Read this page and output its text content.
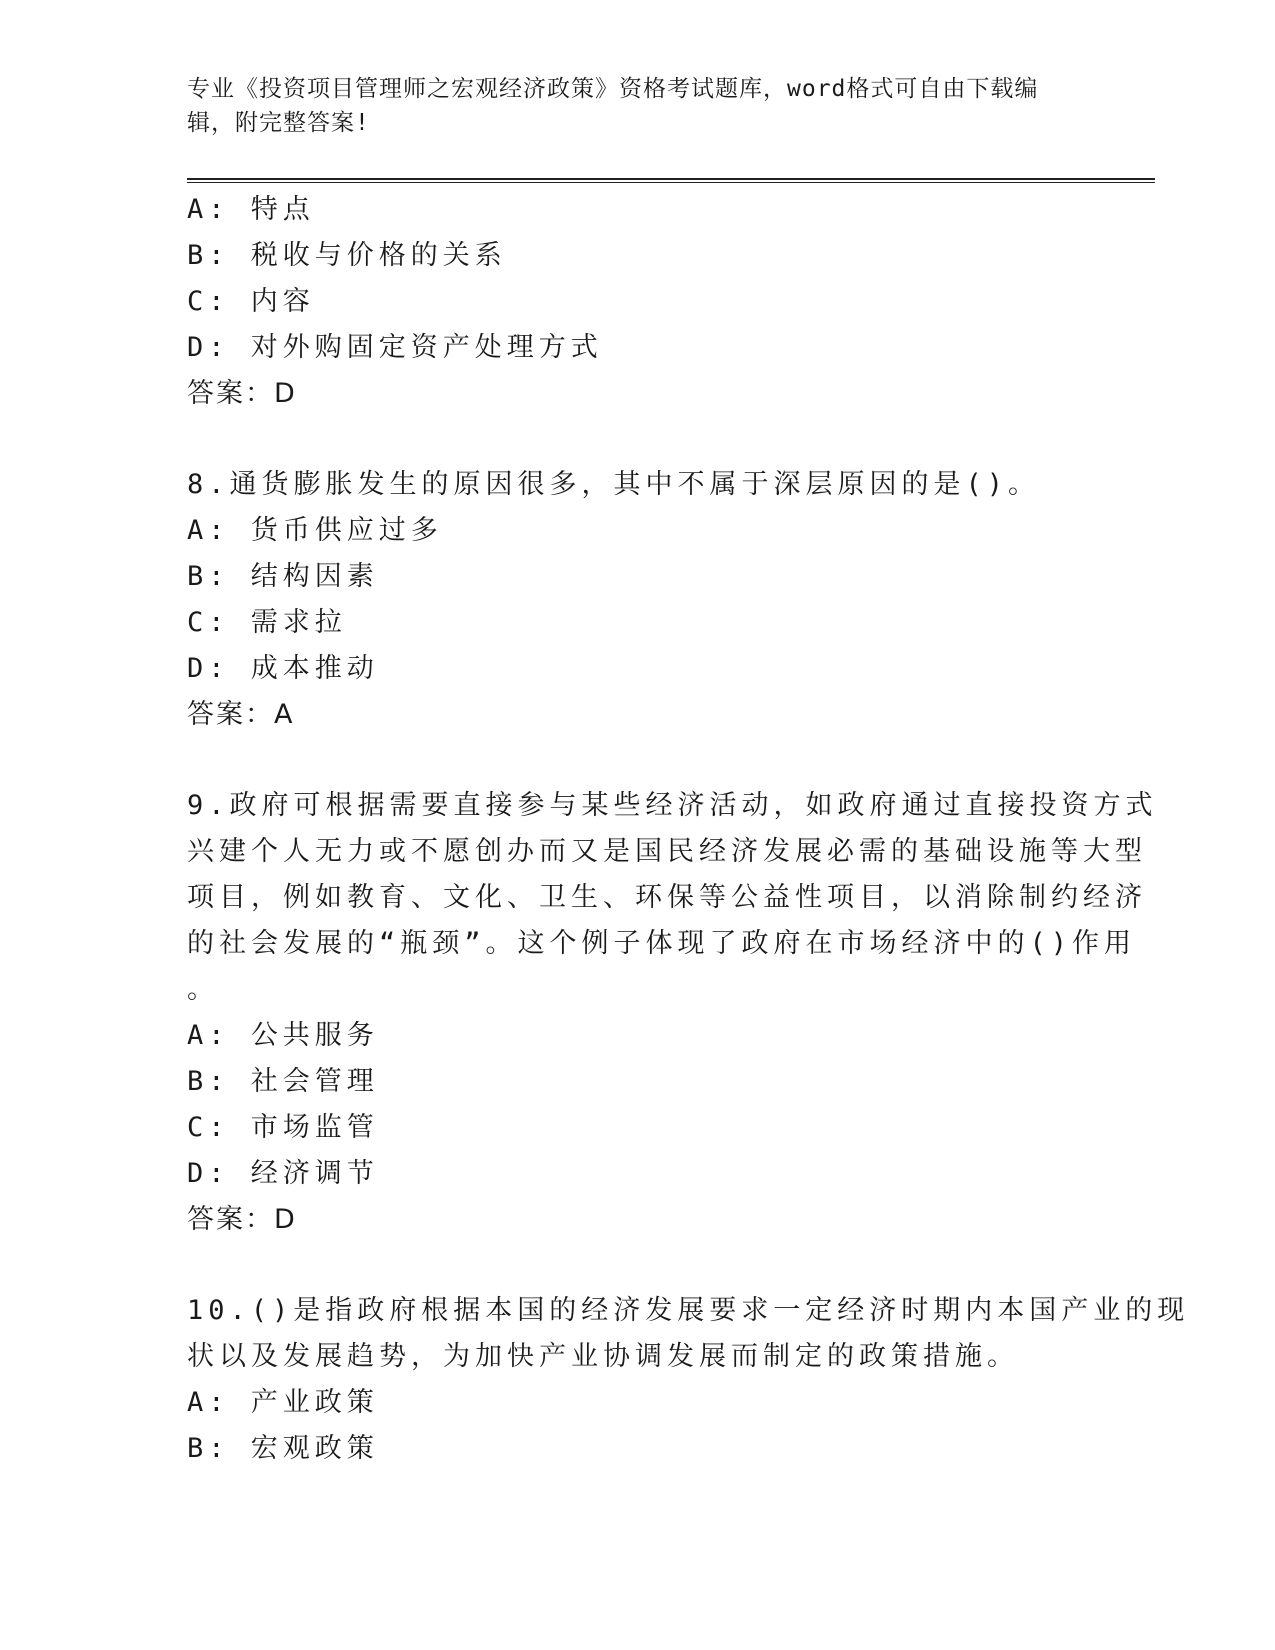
专业《投资项目管理师之宏观经济政策》资格考试题库，word格式可自由下载编辑，附完整答案!
A: 特点
B: 税收与价格的关系
C: 内容
D: 对外购固定资产处理方式
答案：D
8.通货膨胀发生的原因很多，其中不属于深层原因的是()。
A: 货币供应过多
B: 结构因素
C: 需求拉
D: 成本推动
答案：A
9.政府可根据需要直接参与某些经济活动，如政府通过直接投资方式
兴建个人无力或不愿创办而又是国民经济发展必需的基础设施等大型
项目，例如教育、文化、卫生、环保等公益性项目，以消除制约经济
的社会发展的“瓶颈”。这个例子体现了政府在市场经济中的()作用
。
A: 公共服务
B: 社会管理
C: 市场监管
D: 经济调节
答案：D
10.()是指政府根据本国的经济发展要求一定经济时期内本国产业的现
状以及发展趋势，为加快产业协调发展而制定的政策措施。
A: 产业政策
B: 宏观政策
